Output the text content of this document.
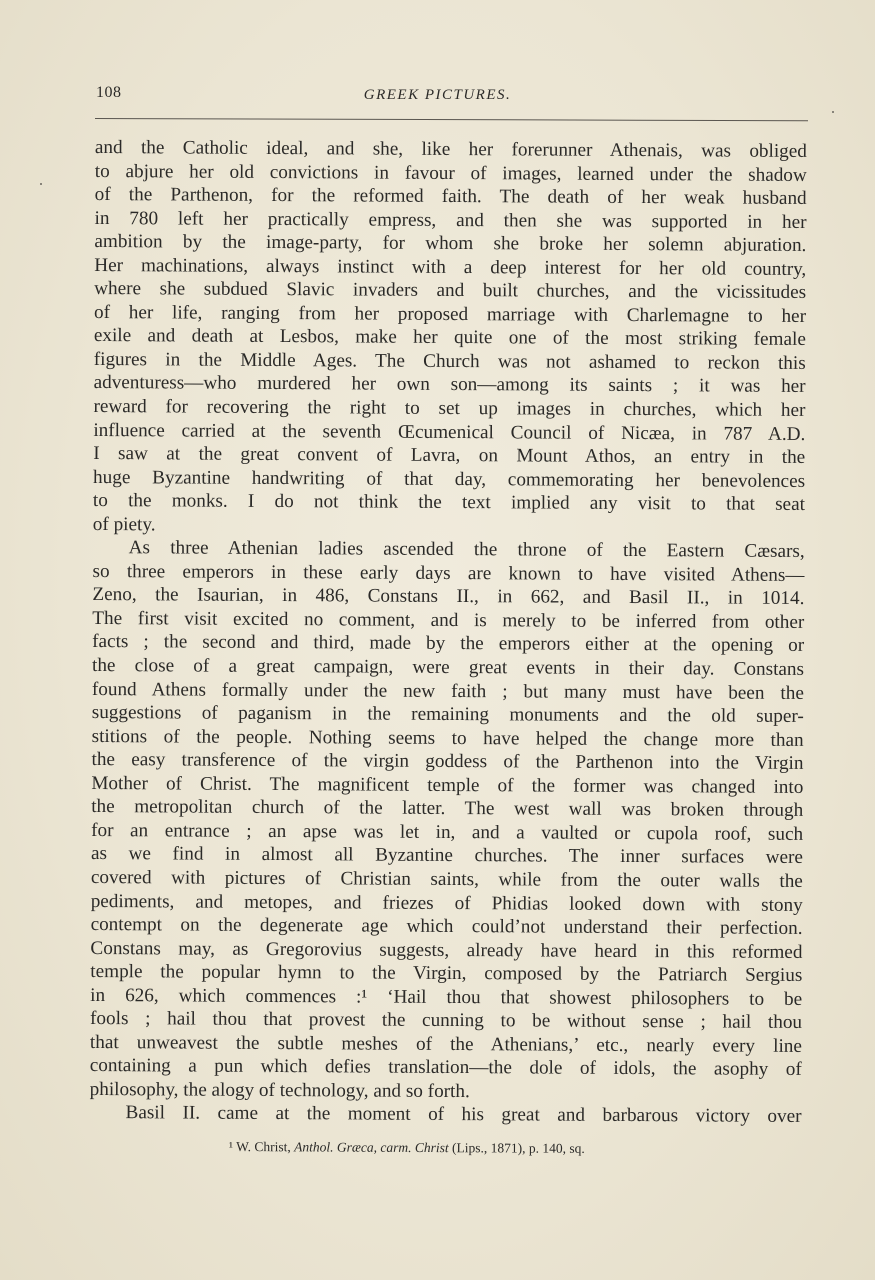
108	GREEK PICTURES.
and the Catholic ideal, and she, like her forerunner Athenais, was obliged
to abjure her old convictions in favour of images, learned under the shadow
of the Parthenon, for the reformed faith. The death of her weak husband
in 780 left her practically empress, and then she was supported in her
ambition by the image-party, for whom she broke her solemn abjuration.
Her machinations, always instinct with a deep interest for her old country,
where she subdued Slavic invaders and built churches, and the vicissitudes
of her life, ranging from her proposed marriage with Charlemagne to her
exile and death at Lesbos, make her quite one of the most striking female
figures in the Middle Ages. The Church was not ashamed to reckon this
adventuress—who murdered her own son—among its saints ; it was her
reward for recovering the right to set up images in churches, which her
influence carried at the seventh Œcumenical Council of Nicæa, in 787 A.D.
I saw at the great convent of Lavra, on Mount Athos, an entry in the
huge Byzantine handwriting of that day, commemorating her benevolences
to the monks. I do not think the text implied any visit to that seat
of piety.
As three Athenian ladies ascended the throne of the Eastern Cæsars,
so three emperors in these early days are known to have visited Athens—
Zeno, the Isaurian, in 486, Constans II., in 662, and Basil II., in 1014.
The first visit excited no comment, and is merely to be inferred from other
facts ; the second and third, made by the emperors either at the opening or
the close of a great campaign, were great events in their day. Constans
found Athens formally under the new faith ; but many must have been the
suggestions of paganism in the remaining monuments and the old super-
stitions of the people. Nothing seems to have helped the change more than
the easy transference of the virgin goddess of the Parthenon into the Virgin
Mother of Christ. The magnificent temple of the former was changed into
the metropolitan church of the latter. The west wall was broken through
for an entrance ; an apse was let in, and a vaulted or cupola roof, such
as we find in almost all Byzantine churches. The inner surfaces were
covered with pictures of Christian saints, while from the outer walls the
pediments, and metopes, and friezes of Phidias looked down with stony
contempt on the degenerate age which could’not understand their perfection.
Constans may, as Gregorovius suggests, already have heard in this reformed
temple the popular hymn to the Virgin, composed by the Patriarch Sergius
in 626, which commences :¹ ‘Hail thou that showest philosophers to be
fools ; hail thou that provest the cunning to be without sense ; hail thou
that unweavest the subtle meshes of the Athenians,’ etc., nearly every line
containing a pun which defies translation—the dole of idols, the asophy of
philosophy, the alogy of technology, and so forth.
Basil II. came at the moment of his great and barbarous victory over
¹ W. Christ, Anthol. Græca, carm. Christ (Lips., 1871), p. 140, sq.
